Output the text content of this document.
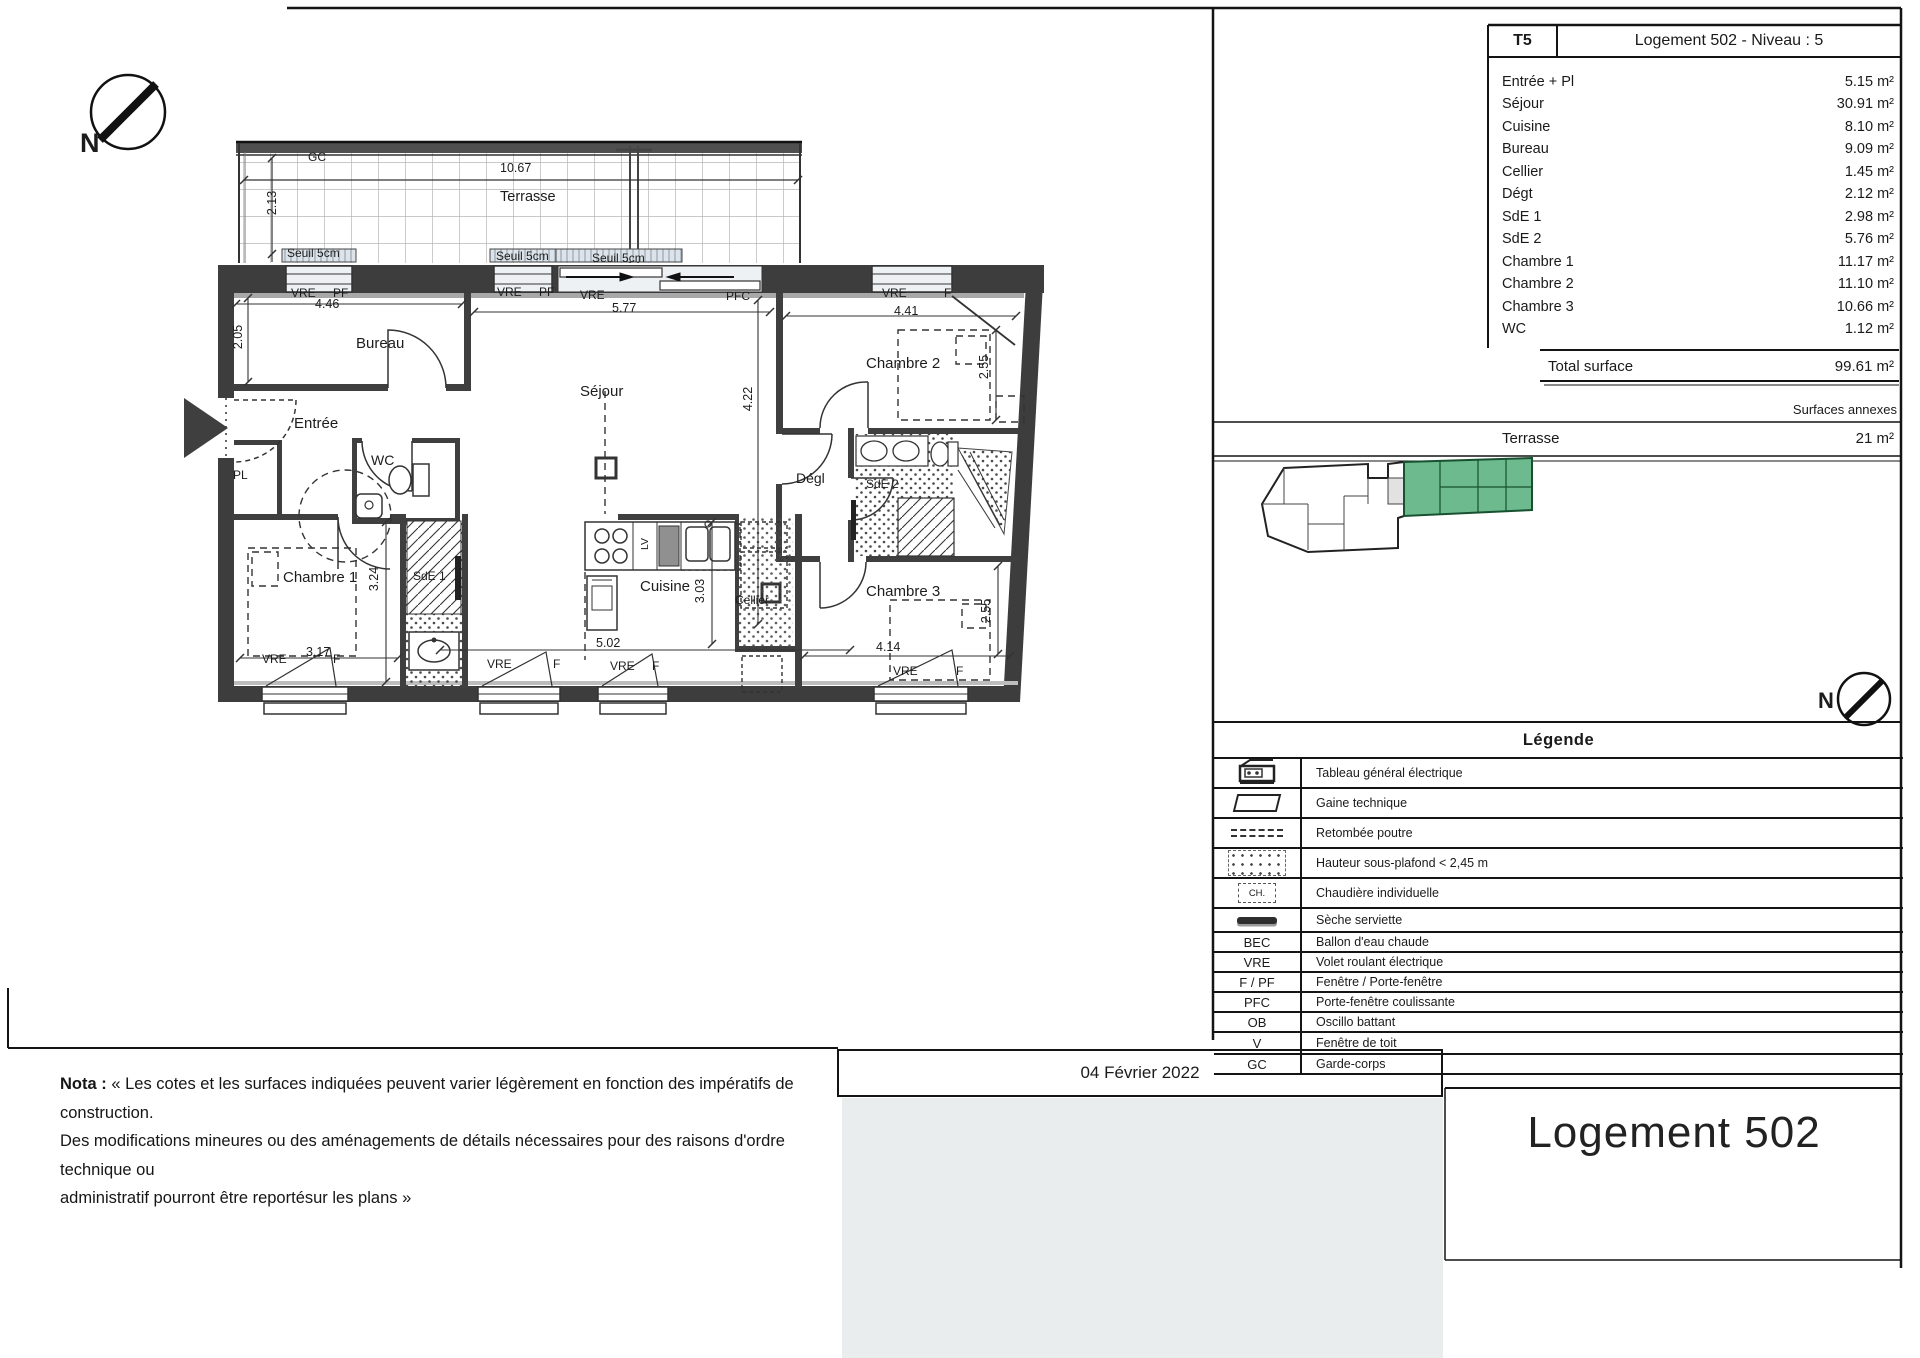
N	GC
10.67
Terrasse
2.13
Seuil 5cm	Seuil 5cm	Seuil 5cm
VRE PF
4.46
VRE PF VRE
5.77
PFC	VRE	F
4.41
2.05	Bureau
Séjour
Chambre 2	2.55
4.22
Entrée
PL
WC
Dégl	SdE 2
Chambre 1	SdE 1
3.24	Cuisine 3.03 Cellier	Chambre 3
2.55
LV
3.17
5.02	4.14
VRE	F	VRE	F	VRE F	VRE	F
T5	Logement 502 - Niveau : 5
Entrée + Pl	5.15 m²
Séjour	30.91 m²
Cuisine	8.10 m²
Bureau	9.09 m²
Cellier	1.45 m²
Dégt	2.12 m²
SdE 1	2.98 m²
SdE 2	5.76 m²
Chambre 1	11.17 m²
Chambre 2	11.10 m²
Chambre 3	10.66 m²
WC	1.12 m²
Total surface	99.61 m²
Surfaces annexes
Terrasse	21 m²
N
Légende
Tableau général électrique
Gaine technique
Retombée poutre
Hauteur sous-plafond < 2,45 m
CH.	Chaudière individuelle
Sèche serviette
BEC	Ballon d'eau chaude
VRE	Volet roulant électrique
F / PF	Fenêtre / Porte-fenêtre
PFC	Porte-fenêtre coulissante
OB	Oscillo battant
V	Fenêtre de toit
GC	Garde-corps
Nota : « Les cotes et les surfaces indiquées peuvent varier légèrement en fonction des impératifs de construction.
Des modifications mineures ou des aménagements de détails nécessaires pour des raisons d'ordre technique ou
administratif pourront être reportésur les plans »
04 Février 2022
Logement 502
